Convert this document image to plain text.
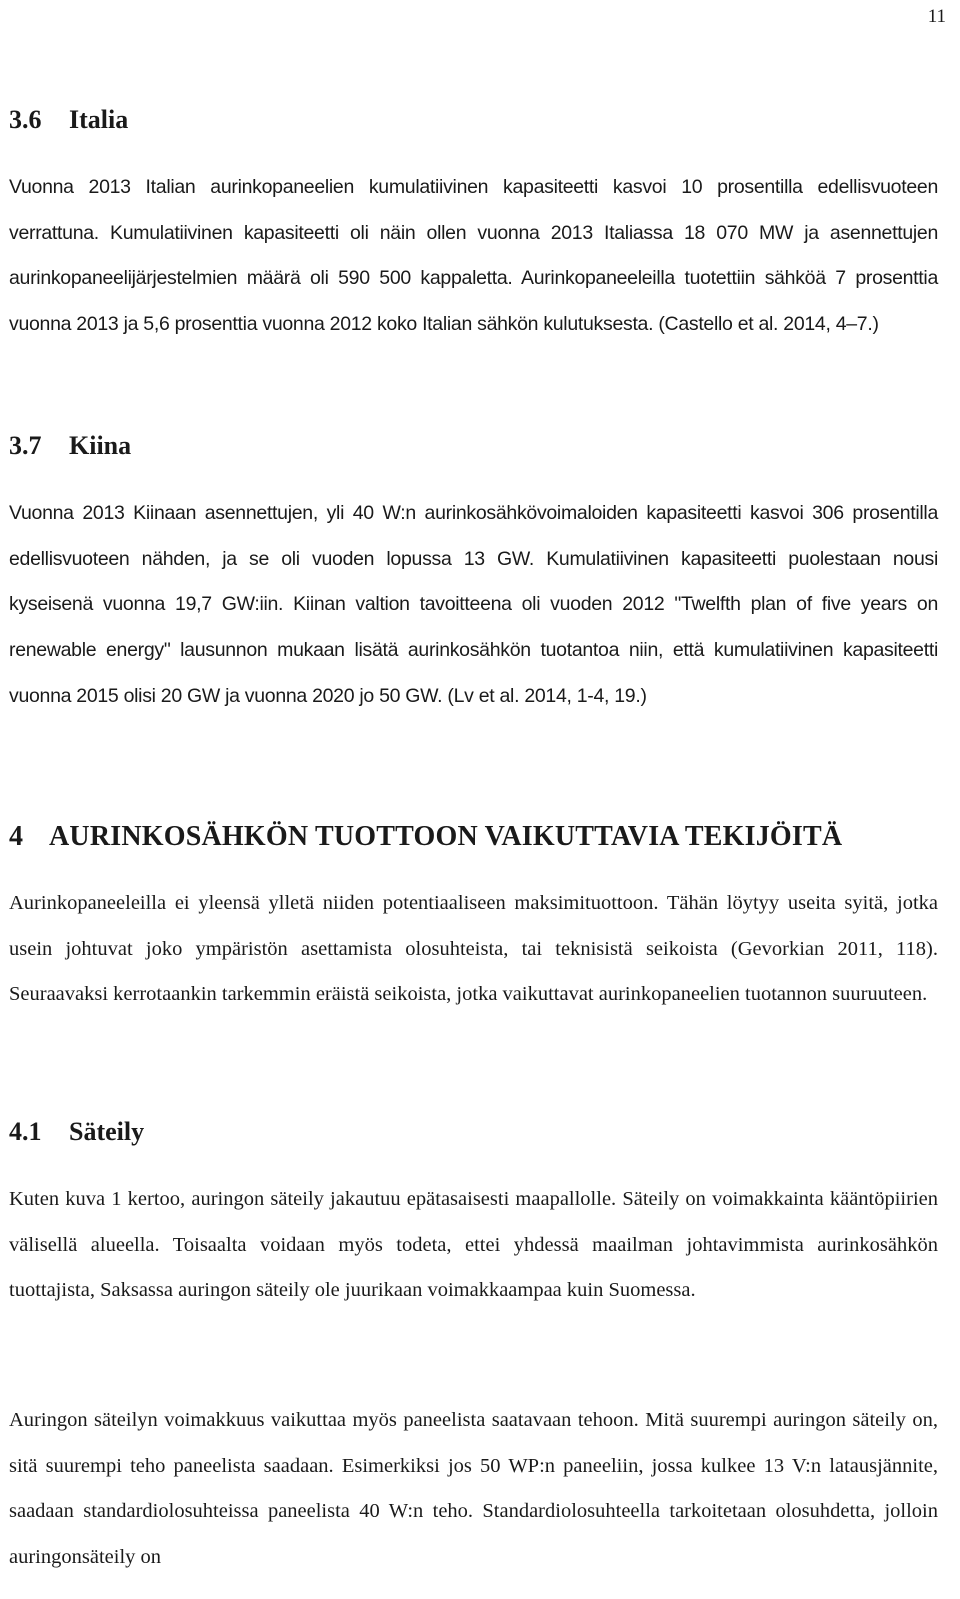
11
3.6 Italia

Vuonna 2013 Italian aurinkopaneelien kumulatiivinen kapasiteetti kasvoi 10 prosentilla edellisvuoteen verrattuna. Kumulatiivinen kapasiteetti oli näin ollen vuonna 2013 Italiassa 18 070 MW ja asennettujen aurinkopaneelijärjestelmien määrä oli 590 500 kappaletta. Aurinkopaneeleilla tuotettiin sähköä 7 prosenttia vuonna 2013 ja 5,6 prosenttia vuonna 2012 koko Italian sähkön kulutuksesta. (Castello et al. 2014, 4–7.)

3.7 Kiina

Vuonna 2013 Kiinaan asennettujen, yli 40 W:n aurinkosähkövoimaloiden kapasiteetti kasvoi 306 prosentilla edellisvuoteen nähden, ja se oli vuoden lopussa 13 GW. Kumulatiivinen kapasiteetti puolestaan nousi kyseisenä vuonna 19,7 GW:iin. Kiinan valtion tavoitteena oli vuoden 2012 "Twelfth plan of five years on renewable energy" lausunnon mukaan lisätä aurinkosähkön tuotantoa niin, että kumulatiivinen kapasiteetti vuonna 2015 olisi 20 GW ja vuonna 2020 jo 50 GW. (Lv et al. 2014, 1-4, 19.)

4 AURINKOSÄHKÖN TUOTTOON VAIKUTTAVIA TEKIJÖITÄ

Aurinkopaneeleilla ei yleensä ylletä niiden potentiaaliseen maksimituottoon. Tähän löytyy useita syitä, jotka usein johtuvat joko ympäristön asettamista olosuhteista, tai teknisistä seikoista (Gevorkian 2011, 118). Seuraavaksi kerrotaankin tarkemmin eräistä seikoista, jotka vaikuttavat aurinkopaneelien tuotannon suuruuteen.

4.1 Säteily

Kuten kuva 1 kertoo, auringon säteily jakautuu epätasaisesti maapallolle. Säteily on voimakkainta kääntöpiirien välisellä alueella. Toisaalta voidaan myös todeta, ettei yhdessä maailman johtavimmista aurinkosähkön tuottajista, Saksassa auringon säteily ole juurikaan voimakkaampaa kuin Suomessa.

Auringon säteilyn voimakkuus vaikuttaa myös paneelista saatavaan tehoon. Mitä suurempi auringon säteily on, sitä suurempi teho paneelista saadaan. Esimerkiksi jos 50 WP:n paneeliin, jossa kulkee 13 V:n latausjännite, saadaan standardiolosuhteissa paneelista 40 W:n teho. Standardiolosuhteella tarkoitetaan olosuhdetta, jolloin auringonsäteily on
